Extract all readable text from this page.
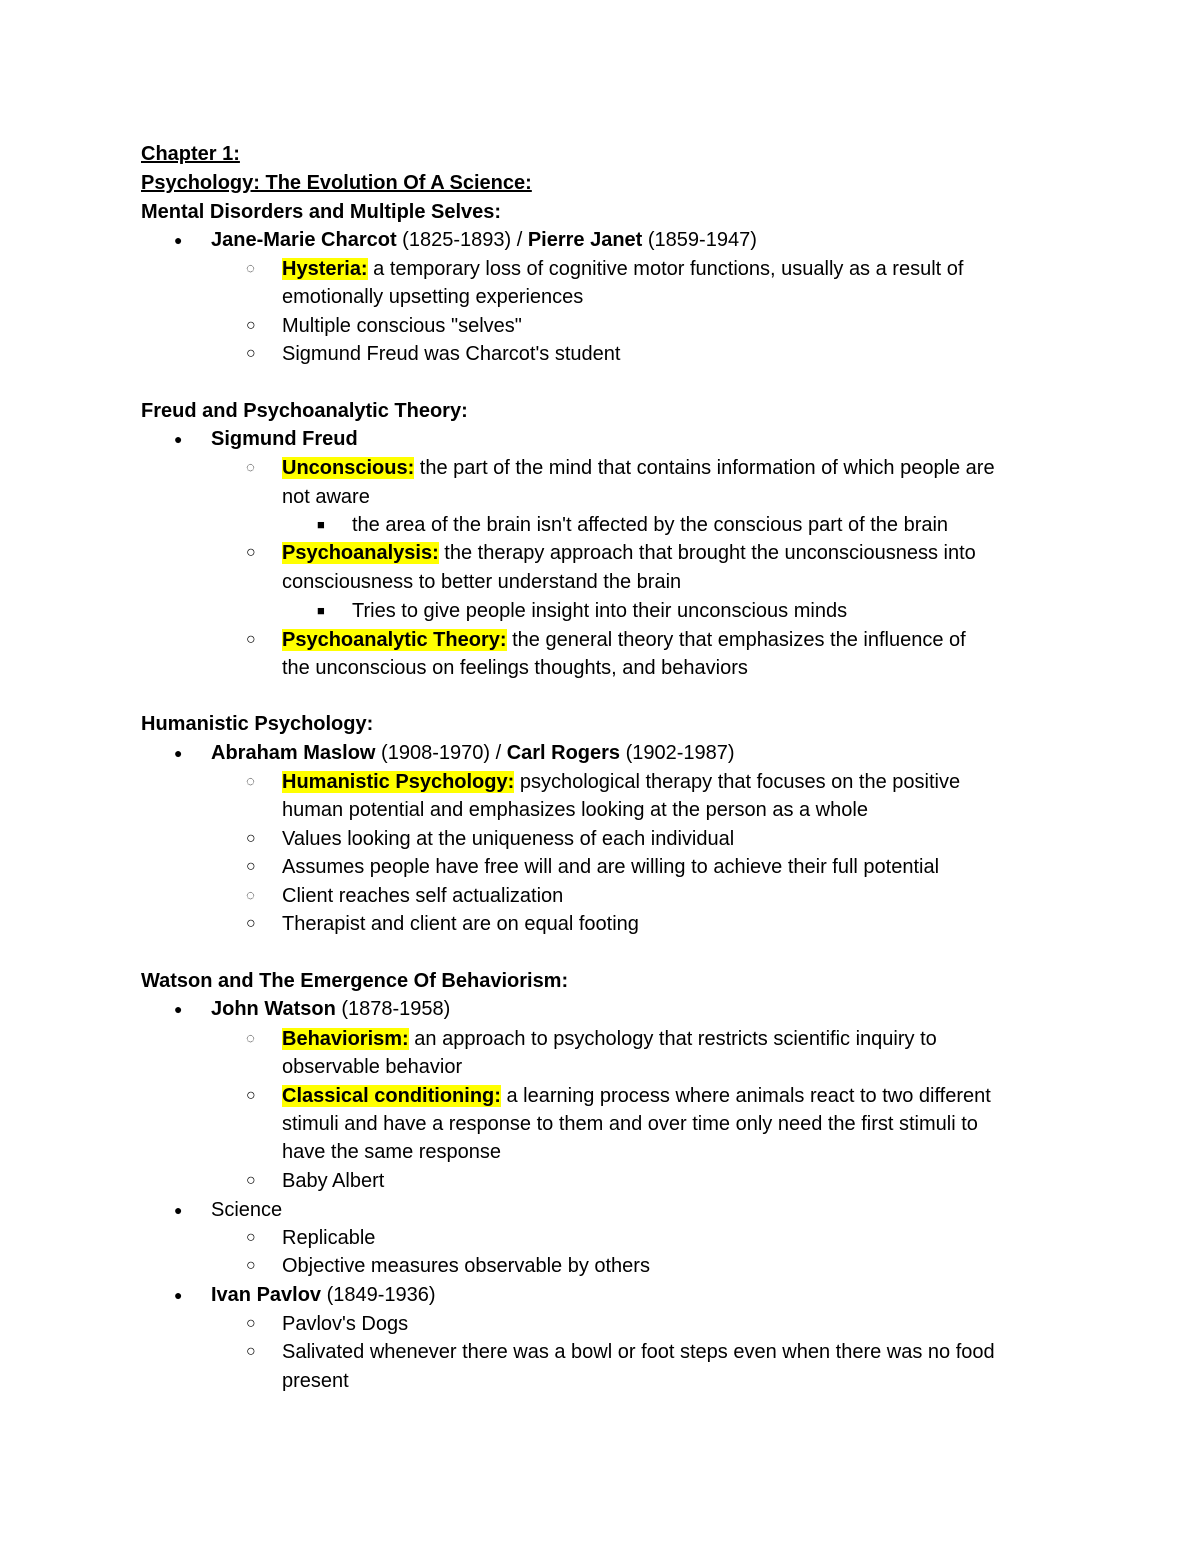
Chapter 1:
Psychology: The Evolution Of A Science:
Mental Disorders and Multiple Selves:
● Jane-Marie Charcot (1825-1893) / Pierre Janet (1859-1947)
◌ Hysteria: a temporary loss of cognitive motor functions, usually as a result of
emotionally upsetting experiences
○ Multiple conscious "selves"
○ Sigmund Freud was Charcot's student
Freud and Psychoanalytic Theory:
● Sigmund Freud
◌ Unconscious: the part of the mind that contains information of which people are
not aware
■ the area of the brain isn't affected by the conscious part of the brain
○ Psychoanalysis: the therapy approach that brought the unconsciousness into
consciousness to better understand the brain
■ Tries to give people insight into their unconscious minds
○ Psychoanalytic Theory: the general theory that emphasizes the influence of
the unconscious on feelings thoughts, and behaviors
Humanistic Psychology:
● Abraham Maslow (1908-1970) / Carl Rogers (1902-1987)
◌ Humanistic Psychology: psychological therapy that focuses on the positive
human potential and emphasizes looking at the person as a whole
○ Values looking at the uniqueness of each individual
○ Assumes people have free will and are willing to achieve their full potential
◌ Client reaches self actualization
○ Therapist and client are on equal footing
Watson and The Emergence Of Behaviorism:
● John Watson (1878-1958)
◌ Behaviorism: an approach to psychology that restricts scientific inquiry to
observable behavior
○ Classical conditioning: a learning process where animals react to two different
stimuli and have a response to them and over time only need the first stimuli to
have the same response
○ Baby Albert
● Science
○ Replicable
○ Objective measures observable by others
● Ivan Pavlov (1849-1936)
○ Pavlov's Dogs
○ Salivated whenever there was a bowl or foot steps even when there was no food
present
